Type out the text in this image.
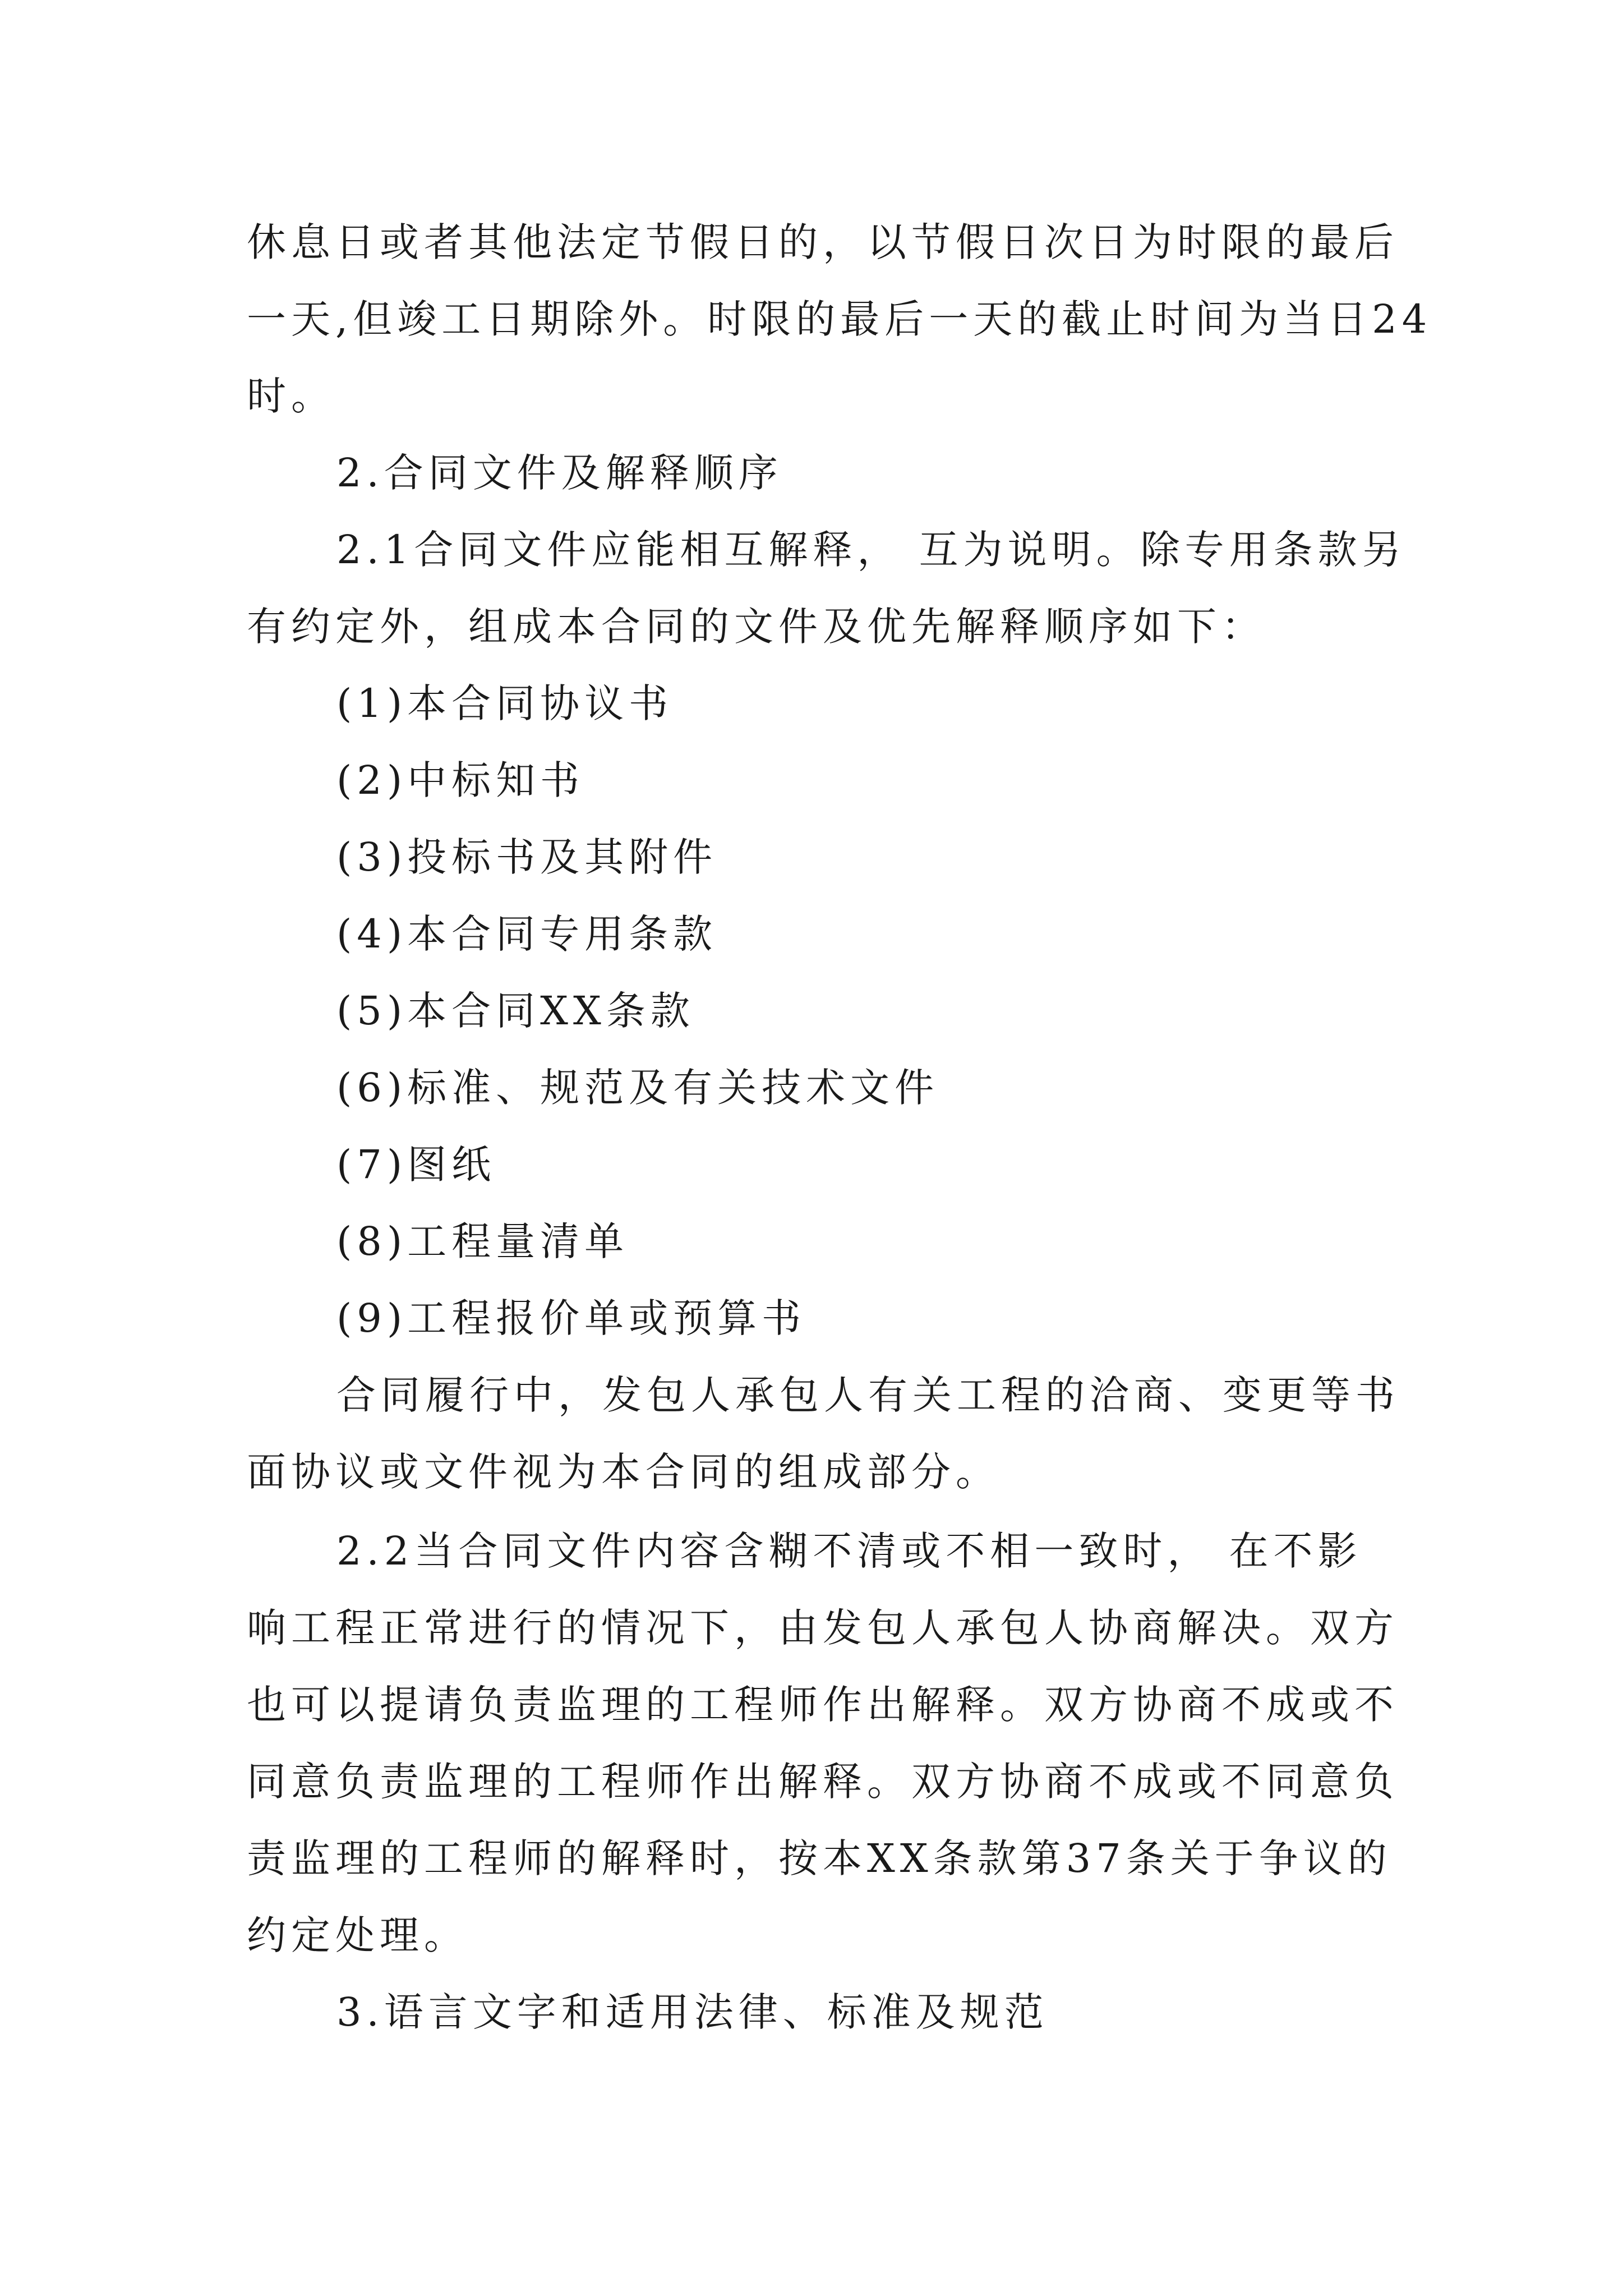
休息日或者其他法定节假日的，以节假日次日为时限的最后
一天,但竣工日期除外。时限的最后一天的截止时间为当日24
时。
2.合同文件及解释顺序
2.1合同文件应能相互解释， 互为说明。除专用条款另
有约定外，组成本合同的文件及优先解释顺序如下：
(1)本合同协议书
(2)中标知书
(3)投标书及其附件
(4)本合同专用条款
(5)本合同XX条款
(6)标准、规范及有关技术文件
(7)图纸
(8)工程量清单
(9)工程报价单或预算书
合同履行中，发包人承包人有关工程的洽商、变更等书
面协议或文件视为本合同的组成部分。
2.2当合同文件内容含糊不清或不相一致时， 在不影
响工程正常进行的情况下，由发包人承包人协商解决。双方
也可以提请负责监理的工程师作出解释。双方协商不成或不
同意负责监理的工程师作出解释。双方协商不成或不同意负
责监理的工程师的解释时，按本XX条款第37条关于争议的
约定处理。
3.语言文字和适用法律、标准及规范
